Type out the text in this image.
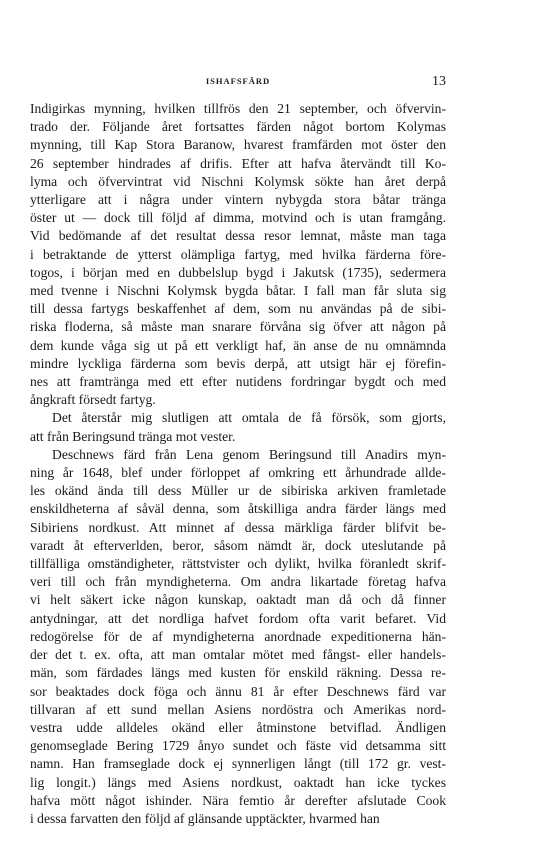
ISHAFSFÄRD	13
Indigirkas mynning, hvilken tillfrös den 21 september, och öfvervin-
trado der. Följande året fortsattes färden något bortom Kolymas
mynning, till Kap Stora Baranow, hvarest framfärden mot öster den
26 september hindrades af drifis. Efter att hafva återvändt till Ko-
lyma och öfvervintrat vid Nischni Kolymsk sökte han året derpå
ytterligare att i några under vintern nybygda stora båtar tränga
öster ut — dock till följd af dimma, motvind och is utan framgång.
Vid bedömande af det resultat dessa resor lemnat, måste man taga
i betraktande de ytterst olämpliga fartyg, med hvilka färderna före-
togos, i början med en dubbelslup bygd i Jakutsk (1735), sedermera
med tvenne i Nischni Kolymsk bygda båtar. I fall man får sluta sig
till dessa fartygs beskaffenhet af dem, som nu användas på de sibi-
riska floderna, så måste man snarare förvåna sig öfver att någon på
dem kunde våga sig ut på ett verkligt haf, än anse de nu omnämnda
mindre lyckliga färderna som bevis derpå, att utsigt här ej förefin-
nes att framtränga med ett efter nutidens fordringar bygdt och med
ångkraft försedt fartyg.
Det återstår mig slutligen att omtala de få försök, som gjorts,
att från Beringsund tränga mot vester.
Deschnews färd från Lena genom Beringsund till Anadirs myn-
ning år 1648, blef under förloppet af omkring ett århundrade allde-
les okänd ända till dess Müller ur de sibiriska arkiven framletade
enskildheterna af såväl denna, som åtskilliga andra färder längs med
Sibiriens nordkust. Att minnet af dessa märkliga färder blifvit be-
varadt åt efterverlden, beror, såsom nämdt är, dock uteslutande på
tillfälliga omständigheter, rättstvister och dylikt, hvilka föranledt skrif-
veri till och från myndigheterna. Om andra likartade företag hafva
vi helt säkert icke någon kunskap, oaktadt man då och då finner
antydningar, att det nordliga hafvet fordom ofta varit befaret. Vid
redogörelse för de af myndigheterna anordnade expeditionerna hän-
der det t. ex. ofta, att man omtalar mötet med fångst- eller handels-
män, som färdades längs med kusten för enskild räkning. Dessa re-
sor beaktades dock föga och ännu 81 år efter Deschnews färd var
tillvaran af ett sund mellan Asiens nordöstra och Amerikas nord-
vestra udde alldeles okänd eller åtminstone betviflad. Ändligen
genomseglade Bering 1729 ånyo sundet och fäste vid detsamma sitt
namn. Han framseglade dock ej synnerligen långt (till 172 gr. vest-
lig longit.) längs med Asiens nordkust, oaktadt han icke tyckes
hafva mött något ishinder. Nära femtio år derefter afslutade Cook
i dessa farvatten den följd af glänsande upptäckter, hvarmed han
